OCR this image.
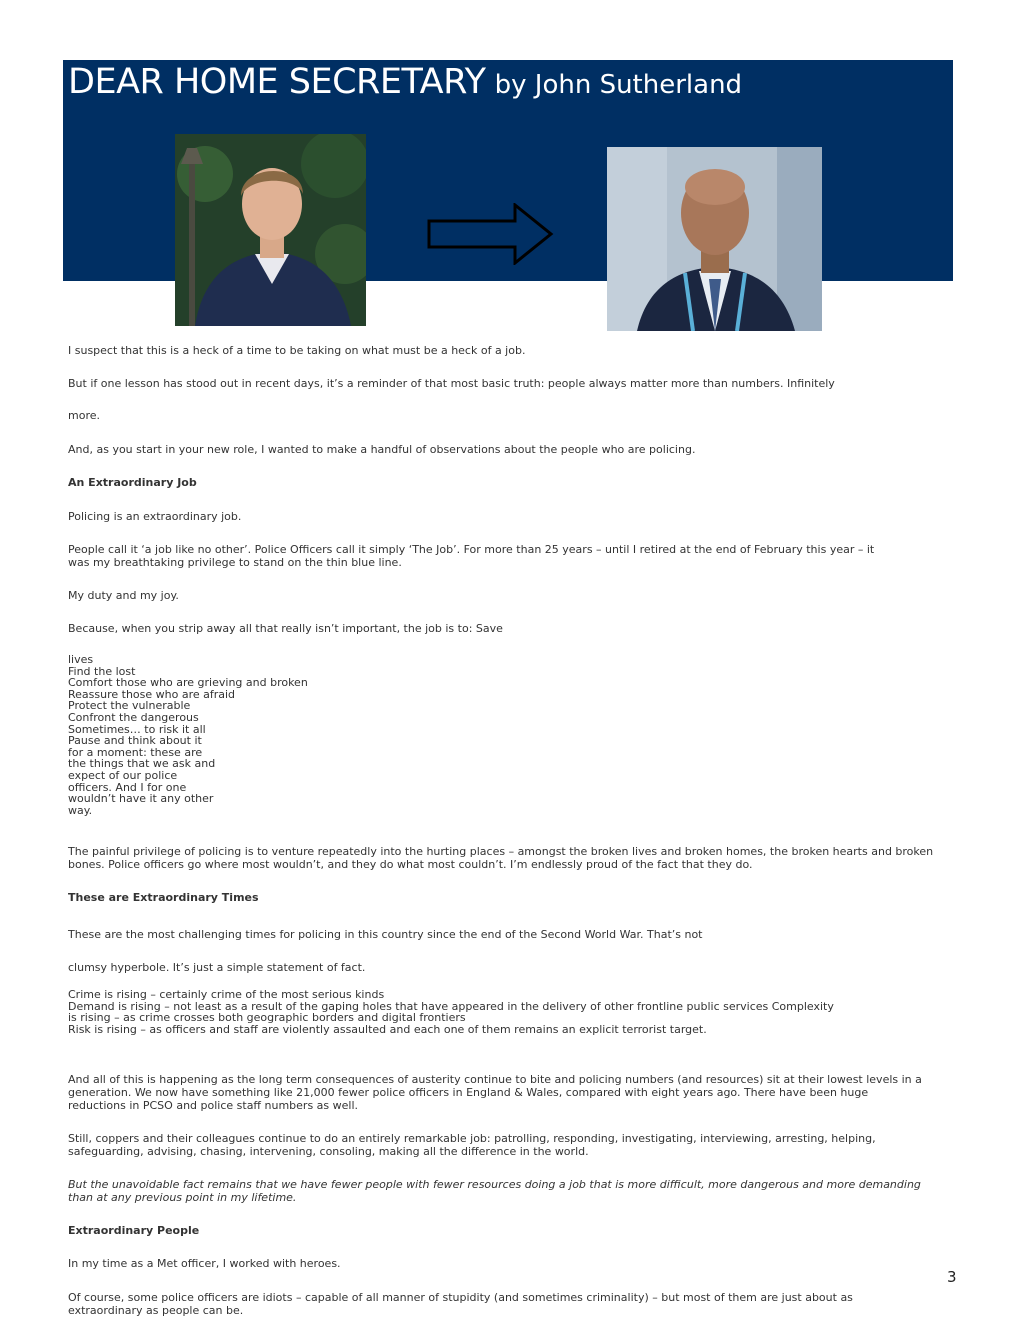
DEAR HOME SECRETARY by John Sutherland

I suspect that this is a heck of a time to be taking on what must be a heck of a job.

But if one lesson has stood out in recent days, it’s a reminder of that most basic truth: people always matter more than numbers. Infinitely

more.

And, as you start in your new role, I wanted to make a handful of observations about the people who are policing.

An Extraordinary Job

Policing is an extraordinary job.

People call it ‘a job like no other’. Police Officers call it simply ‘The Job’. For more than 25 years – until I retired at the end of February this year – it was my breathtaking privilege to stand on the thin blue line.

My duty and my joy.

Because, when you strip away all that really isn’t important, the job is to: Save

lives
Find the lost
Comfort those who are grieving and broken
Reassure those who are afraid
Protect the vulnerable
Confront the dangerous
Sometimes… to risk it all
Pause and think about it
for a moment: these are
the things that we ask and
expect of our police
officers. And I for one
wouldn’t have it any other
way.

The painful privilege of policing is to venture repeatedly into the hurting places – amongst the broken lives and broken homes, the broken hearts and broken bones. Police officers go where most wouldn’t, and they do what most couldn’t. I’m endlessly proud of the fact that they do.

These are Extraordinary Times

These are the most challenging times for policing in this country since the end of the Second World War. That’s not

clumsy hyperbole. It’s just a simple statement of fact.

Crime is rising – certainly crime of the most serious kinds
Demand is rising – not least as a result of the gaping holes that have appeared in the delivery of other frontline public services Complexity
is rising – as crime crosses both geographic borders and digital frontiers
Risk is rising – as officers and staff are violently assaulted and each one of them remains an explicit terrorist target.

And all of this is happening as the long term consequences of austerity continue to bite and policing numbers (and resources) sit at their lowest levels in a generation. We now have something like 21,000 fewer police officers in England & Wales, compared with eight years ago. There have been huge reductions in PCSO and police staff numbers as well.

Still, coppers and their colleagues continue to do an entirely remarkable job: patrolling, responding, investigating, interviewing, arresting, helping, safeguarding, advising, chasing, intervening, consoling, making all the difference in the world.

But the unavoidable fact remains that we have fewer people with fewer resources doing a job that is more difficult, more dangerous and more demanding than at any previous point in my lifetime.

Extraordinary People

In my time as a Met officer, I worked with heroes.

Of course, some police officers are idiots – capable of all manner of stupidity (and sometimes criminality) – but most of them are just about as extraordinary as people can be.

3
